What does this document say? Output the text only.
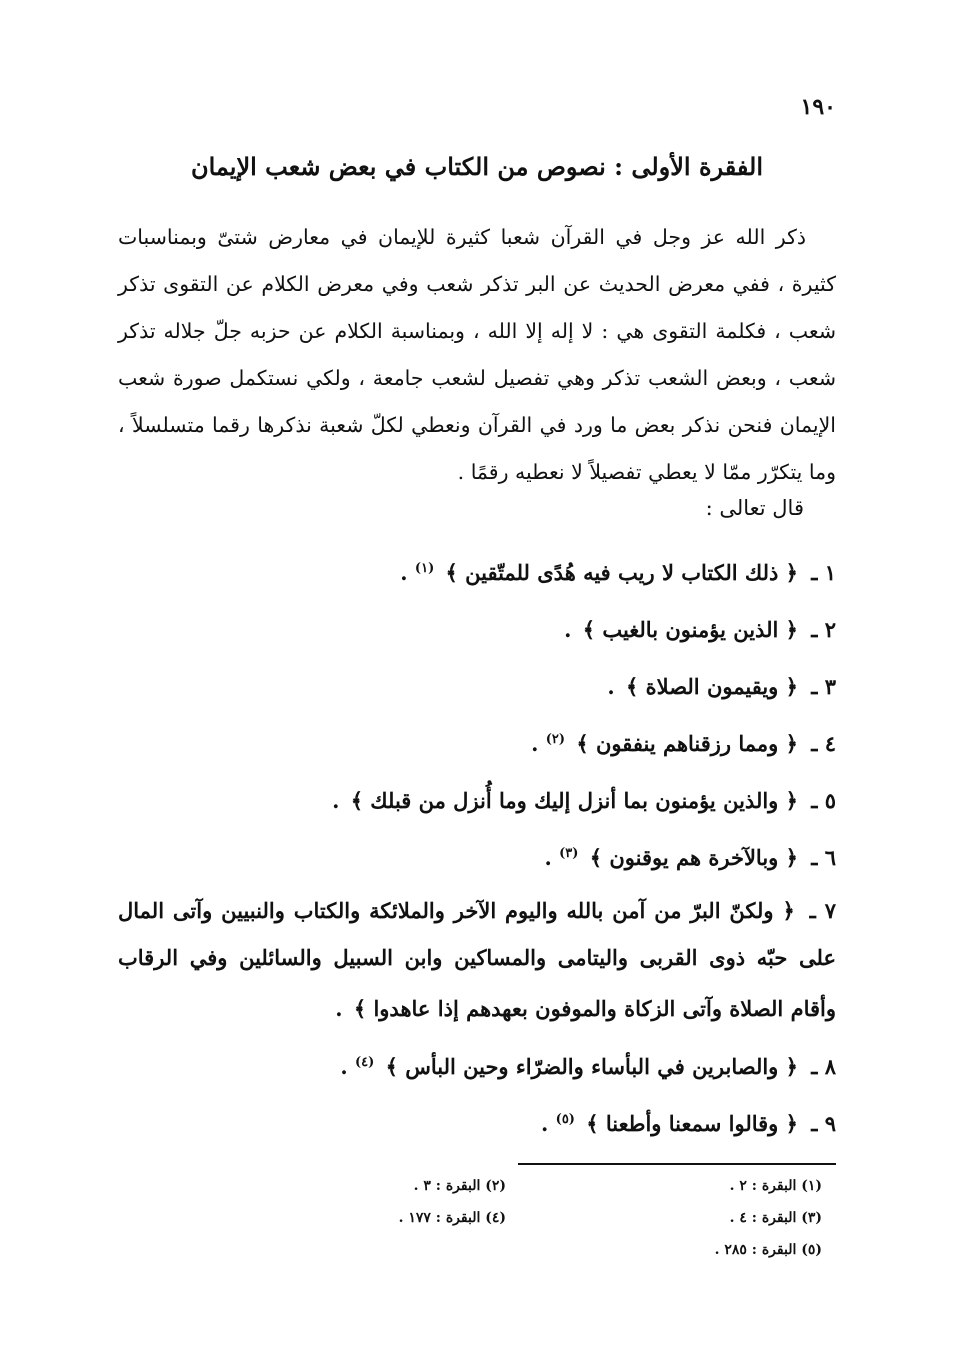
١٩٠
الفقرة الأولى : نصوص من الكتاب في بعض شعب الإيمان

ذكر الله عز وجل في القرآن شعبا كثيرة للإيمان في معارض شتىّ وبمناسبات كثيرة ، ففي معرض الحديث عن البر تذكر شعب وفي معرض الكلام عن التقوى تذكر شعب ، فكلمة التقوى هي : لا إله إلا الله ، وبمناسبة الكلام عن حزبه جلّ جلاله تذكر شعب ، وبعض الشعب تذكر وهي تفصيل لشعب جامعة ، ولكي نستكمل صورة شعب الإيمان فنحن نذكر بعض ما ورد في القرآن ونعطي لكلّ شعبة نذكرها رقما متسلسلاً ، وما يتكرّر ممّا لا يعطي تفصيلاً لا نعطيه رقمًا .

قال تعالى :
١ ـ ﴿ ذلك الكتاب لا ريب فيه هُدًى للمتّقين ﴾ $^{(١)}$ .
٢ ـ ﴿ الذين يؤمنون بالغيب ﴾ .
٣ ـ ﴿ ويقيمون الصلاة ﴾ .
٤ ـ ﴿ ومما رزقناهم ينفقون ﴾ $^{(٢)}$ .
٥ ـ ﴿ والذين يؤمنون بما أنزل إليك وما أُنزل من قبلك ﴾ .
٦ ـ ﴿ وبالآخرة هم يوقنون ﴾ $^{(٣)}$ .
٧ ـ ﴿ ولكنّ البرّ من آمن بالله واليوم الآخر والملائكة والكتاب والنبيين وآتى المال على حبّه ذوى القربى واليتامى والمساكين وابن السبيل والسائلين وفي الرقاب وأقام الصلاة وآتى الزكاة والموفون بعهدهم إذا عاهدوا ﴾ .
٨ ـ ﴿ والصابرين في البأساء والضرّاء وحين البأس ﴾ $^{(٤)}$ .
٩ ـ ﴿ وقالوا سمعنا وأطعنا ﴾ $^{(٥)}$ .
(١) البقرة : ٢ .
(٢) البقرة : ٣ .
(٣) البقرة : ٤ .
(٤) البقرة : ١٧٧ .
(٥) البقرة : ٢٨٥ .
